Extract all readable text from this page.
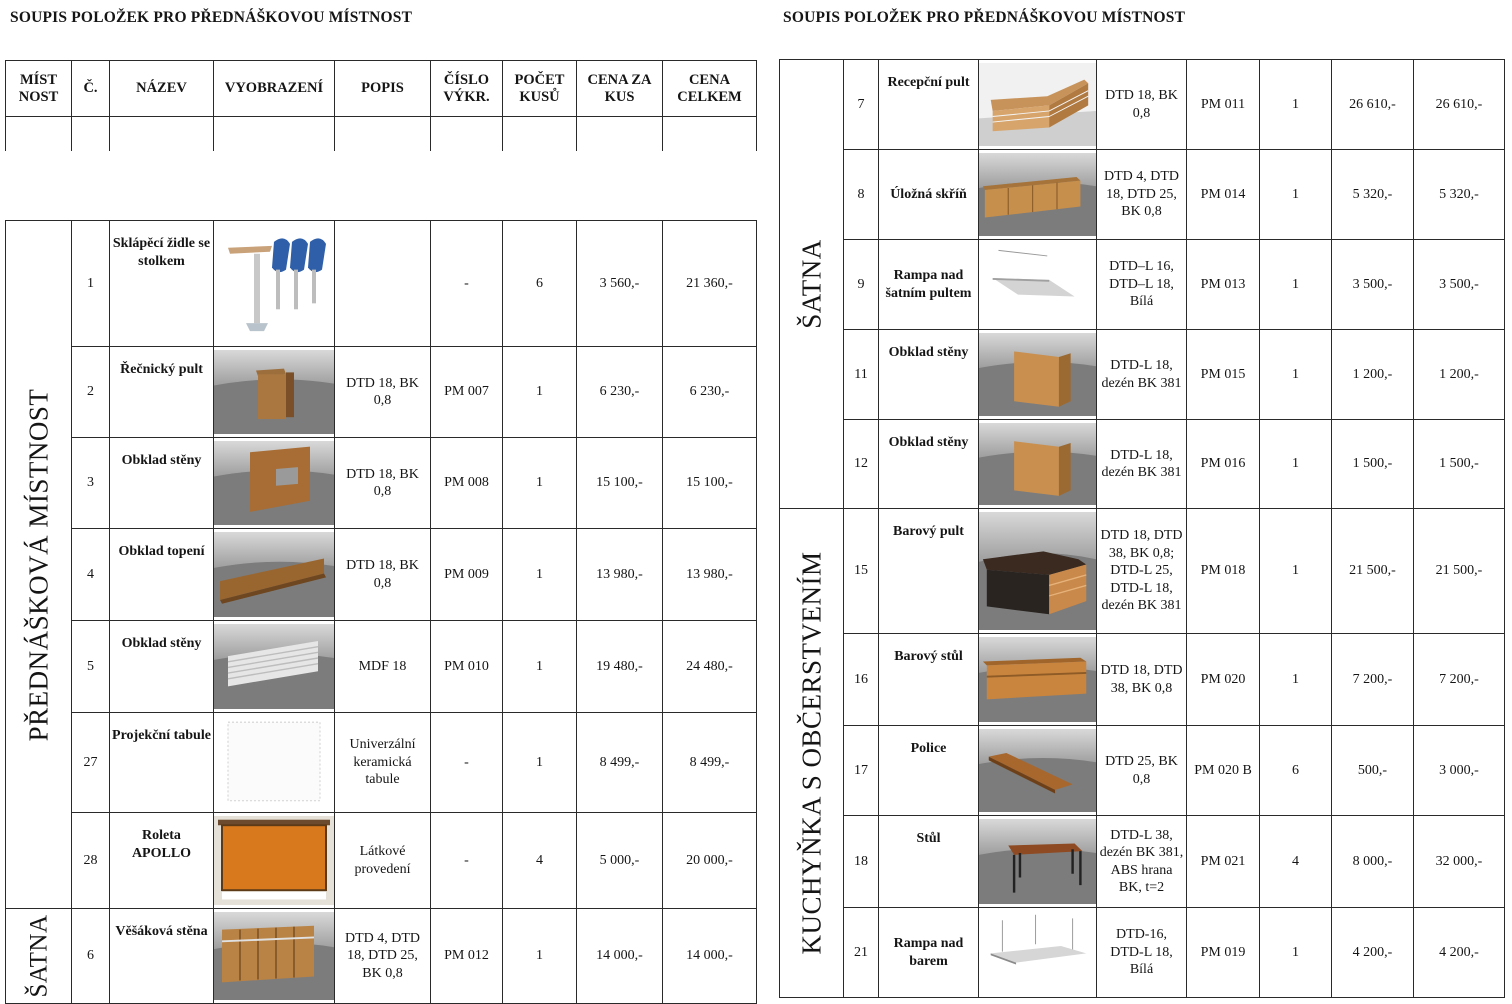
SOUPIS POLOŽEK PRO PŘEDNÁŠKOVOU MÍSTNOST	SOUPIS POLOŽEK PRO PŘEDNÁŠKOVOU MÍSTNOST
MÍST NOST	Č.	NÁZEV	VYOBRAZENÍ	POPIS	ČÍSLO VÝKR.	POČET KUSŮ	CENA ZA KUS	CENA CELKEM

PŘEDNÁŠKOVÁ MÍSTNOST	1	Sklápěcí židle se stolkem			-	6	3 560,-	21 360,-
	2	Řečnický pult		DTD 18, BK 0,8	PM 007	1	6 230,-	6 230,-
	3	Obklad stěny		DTD 18, BK 0,8	PM 008	1	15 100,-	15 100,-
	4	Obklad topení		DTD 18, BK 0,8	PM 009	1	13 980,-	13 980,-
	5	Obklad stěny		MDF 18	PM 010	1	19 480,-	24 480,-
	27	Projekční tabule		Univerzální keramická tabule	-	1	8 499,-	8 499,-
	28	Roleta APOLLO		Látkové provedení	-	4	5 000,-	20 000,-

ŠATNA	6	Věšáková stěna		DTD 4, DTD 18, DTD 25, BK 0,8	PM 012	1	14 000,-	14 000,-
ŠATNA	7	Recepční pult		DTD 18, BK 0,8	PM 011	1	26 610,-	26 610,-
	8	Úložná skříň		DTD 4, DTD 18, DTD 25, BK 0,8	PM 014	1	5 320,-	5 320,-
	9	Rampa nad šatním pultem		DTD–L 16, DTD–L 18, Bílá	PM 013	1	3 500,-	3 500,-
	11	Obklad stěny		DTD-L 18, dezén BK 381	PM 015	1	1 200,-	1 200,-
	12	Obklad stěny		DTD-L 18, dezén BK 381	PM 016	1	1 500,-	1 500,-

KUCHYŇKA S OBČERSTVENÍM	15	Barový pult		DTD 18, DTD 38, BK 0,8; DTD-L 25, DTD-L 18, dezén BK 381	PM 018	1	21 500,-	21 500,-
	16	Barový stůl		DTD 18, DTD 38, BK 0,8	PM 020	1	7 200,-	7 200,-
	17	Police		DTD 25, BK 0,8	PM 020 B	6	500,-	3 000,-
	18	Stůl		DTD-L 38, dezén BK 381, ABS hrana BK, t=2	PM 021	4	8 000,-	32 000,-
	21	Rampa nad barem		DTD-16, DTD-L 18, Bílá	PM 019	1	4 200,-	4 200,-
